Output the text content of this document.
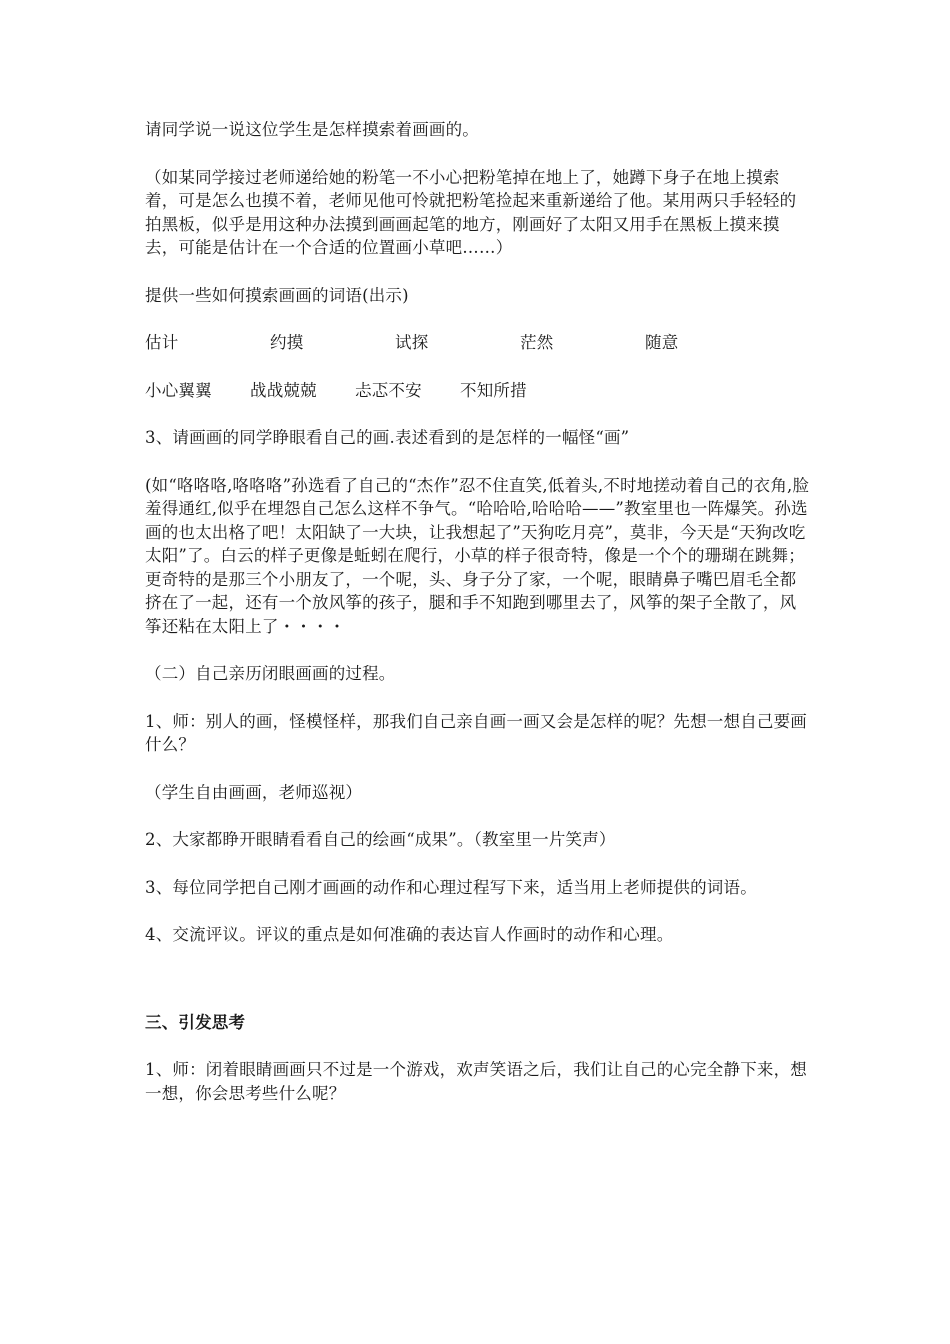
请同学说一说这位学生是怎样摸索着画画的。

（如某同学接过老师递给她的粉笔一不小心把粉笔掉在地上了，她蹲下身子在地上摸索着，可是怎么也摸不着，老师见他可怜就把粉笔捡起来重新递给了他。某用两只手轻轻的拍黑板，似乎是用这种办法摸到画画起笔的地方，刚画好了太阳又用手在黑板上摸来摸去，可能是估计在一个合适的位置画小草吧……）

提供一些如何摸索画画的词语(出示)

估计	约摸	试探	茫然	随意

小心翼翼	战战兢兢	忐忑不安	不知所措

3、请画画的同学睁眼看自己的画.表述看到的是怎样的一幅怪“画”

(如“咯咯咯,咯咯咯”孙选看了自己的“杰作”忍不住直笑,低着头,不时地搓动着自己的衣角,脸羞得通红,似乎在埋怨自己怎么这样不争气。“哈哈哈,哈哈哈——”教室里也一阵爆笑。孙选画的也太出格了吧！太阳缺了一大块，让我想起了”天狗吃月亮”，莫非，今天是“天狗改吃太阳”了。白云的样子更像是蚯蚓在爬行，小草的样子很奇特，像是一个个的珊瑚在跳舞；更奇特的是那三个小朋友了，一个呢，头、身子分了家，一个呢，眼睛鼻子嘴巴眉毛全都挤在了一起，还有一个放风筝的孩子，腿和手不知跑到哪里去了，风筝的架子全散了，风筝还粘在太阳上了・・・・

（二）自己亲历闭眼画画的过程。

1、师：别人的画，怪模怪样，那我们自己亲自画一画又会是怎样的呢？先想一想自己要画什么？

（学生自由画画，老师巡视）

2、大家都睁开眼睛看看自己的绘画“成果”。（教室里一片笑声）

3、每位同学把自己刚才画画的动作和心理过程写下来，适当用上老师提供的词语。

4、交流评议。评议的重点是如何准确的表达盲人作画时的动作和心理。

三、引发思考

1、师：闭着眼睛画画只不过是一个游戏，欢声笑语之后，我们让自己的心完全静下来，想一想，你会思考些什么呢？
